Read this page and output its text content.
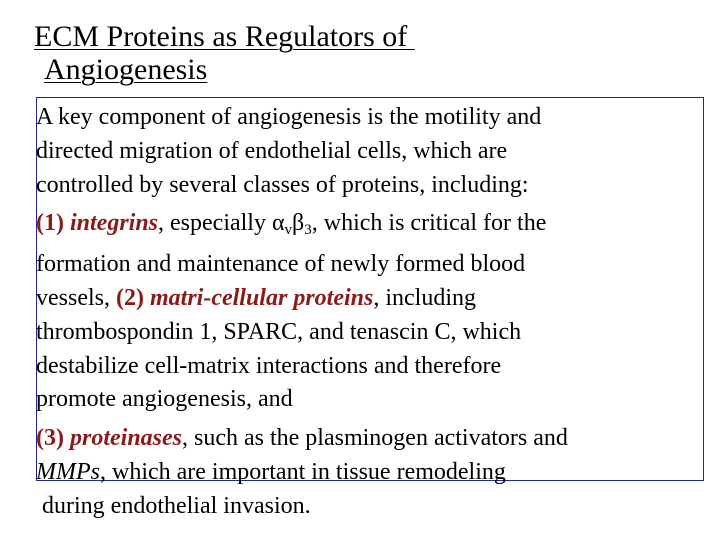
ECM Proteins as Regulators of
Angiogenesis
A key component of angiogenesis is the motility and
directed migration of endothelial cells, which are
controlled by several classes of proteins, including:
(1) integrins, especially $\alpha_v\beta_3$, which is critical for the
formation and maintenance of newly formed blood
vessels, (2) matri-cellular proteins, including
thrombospondin 1, SPARC, and tenascin C, which
destabilize cell-matrix interactions and therefore
promote angiogenesis, and
(3) proteinases, such as the plasminogen activators and
MMPs, which are important in tissue remodeling
during endothelial invasion.
